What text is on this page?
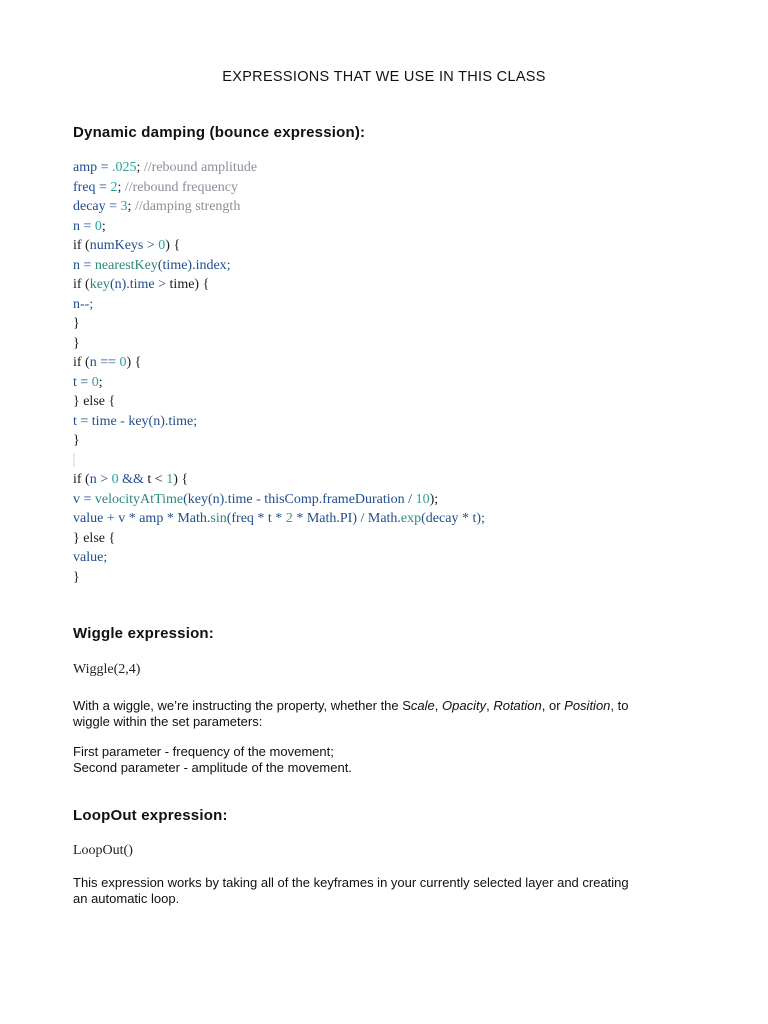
EXPRESSIONS THAT WE USE IN THIS CLASS
Dynamic damping (bounce expression):
amp = .025; //rebound amplitude
freq = 2; //rebound frequency
decay = 3; //damping strength
n = 0;
if (numKeys > 0) {
n = nearestKey(time).index;
if (key(n).time > time) {
n--;
}
}
if (n == 0) {
t = 0;
} else {
t = time - key(n).time;
}
if (n > 0 && t < 1) {
v = velocityAtTime(key(n).time - thisComp.frameDuration / 10);
value + v * amp * Math.sin(freq * t * 2 * Math.PI) / Math.exp(decay * t);
} else {
value;
}
Wiggle expression:
Wiggle(2,4)
With a wiggle, we’re instructing the property, whether the Scale, Opacity, Rotation, or Position, to
wiggle within the set parameters:
First parameter - frequency of the movement;
Second parameter - amplitude of the movement.
LoopOut expression:
LoopOut()
This expression works by taking all of the keyframes in your currently selected layer and creating
an automatic loop.
